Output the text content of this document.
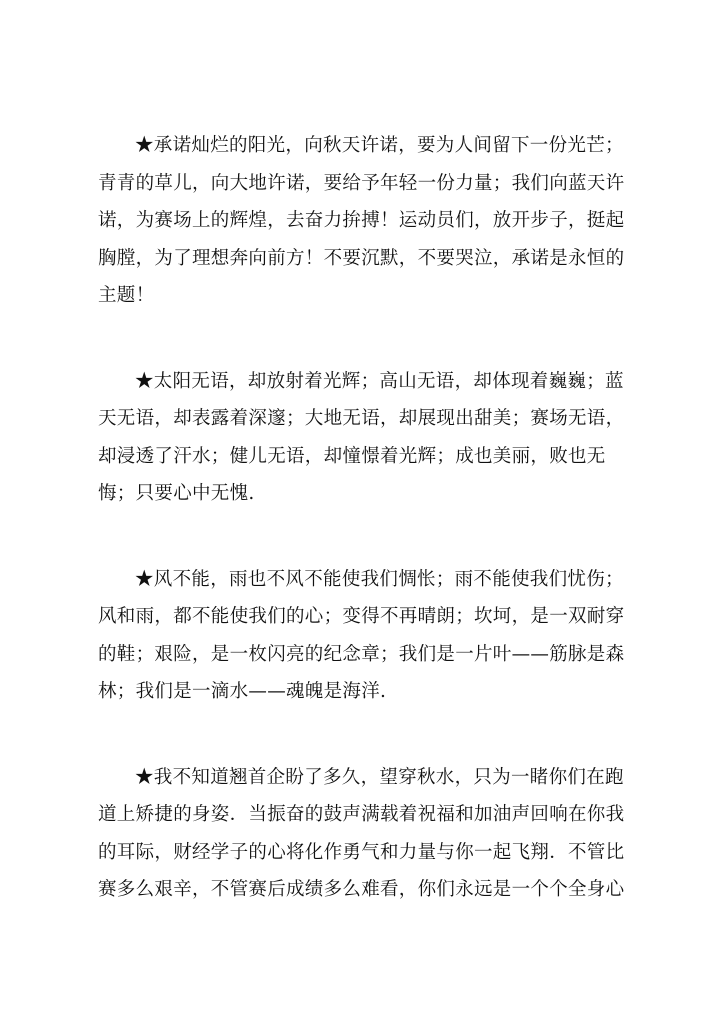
★承诺灿烂的阳光，向秋天许诺，要为人间留下一份光芒；
青青的草儿，向大地许诺，要给予年轻一份力量；我们向蓝天许
诺，为赛场上的辉煌，去奋力拚搏！运动员们，放开步子，挺起
胸膛，为了理想奔向前方！不要沉默，不要哭泣，承诺是永恒的
主题！

★太阳无语，却放射着光辉；高山无语，却体现着巍巍；蓝
天无语，却表露着深邃；大地无语，却展现出甜美；赛场无语，
却浸透了汗水；健儿无语，却憧憬着光辉；成也美丽，败也无
悔；只要心中无愧.

★风不能，雨也不风不能使我们惆怅；雨不能使我们忧伤；
风和雨，都不能使我们的心；变得不再晴朗；坎坷，是一双耐穿
的鞋；艰险，是一枚闪亮的纪念章；我们是一片叶——筋脉是森
林；我们是一滴水——魂魄是海洋.

★我不知道翘首企盼了多久，望穿秋水，只为一睹你们在跑
道上矫捷的身姿．当振奋的鼓声满载着祝福和加油声回响在你我
的耳际，财经学子的心将化作勇气和力量与你一起飞翔．不管比
赛多么艰辛，不管赛后成绩多么难看，你们永远是一个个全身心
